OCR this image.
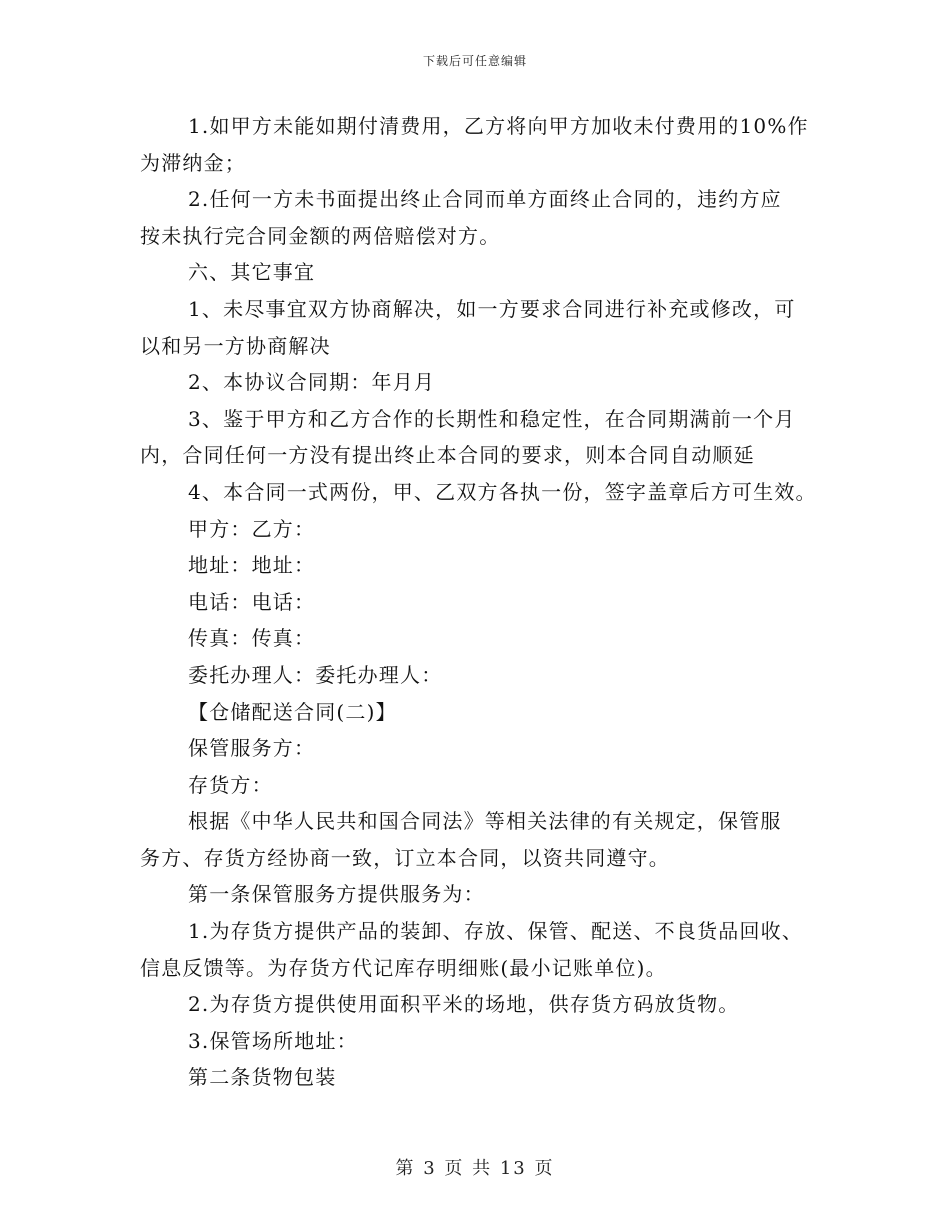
下载后可任意编辑
1.如甲方未能如期付清费用，乙方将向甲方加收未付费用的10%作
为滞纳金；
2.任何一方未书面提出终止合同而单方面终止合同的，违约方应
按未执行完合同金额的两倍赔偿对方。
六、其它事宜
1、未尽事宜双方协商解决，如一方要求合同进行补充或修改，可
以和另一方协商解决
2、本协议合同期：年月月
3、鉴于甲方和乙方合作的长期性和稳定性，在合同期满前一个月
内，合同任何一方没有提出终止本合同的要求，则本合同自动顺延
4、本合同一式两份，甲、乙双方各执一份，签字盖章后方可生效。
甲方：乙方：
地址：地址：
电话：电话：
传真：传真：
委托办理人：委托办理人：
【仓储配送合同(二)】
保管服务方：
存货方：
根据《中华人民共和国合同法》等相关法律的有关规定，保管服
务方、存货方经协商一致，订立本合同，以资共同遵守。
第一条保管服务方提供服务为：
1.为存货方提供产品的装卸、存放、保管、配送、不良货品回收、
信息反馈等。为存货方代记库存明细账(最小记账单位)。
2.为存货方提供使用面积平米的场地，供存货方码放货物。
3.保管场所地址：
第二条货物包装
第 3 页 共 13 页
